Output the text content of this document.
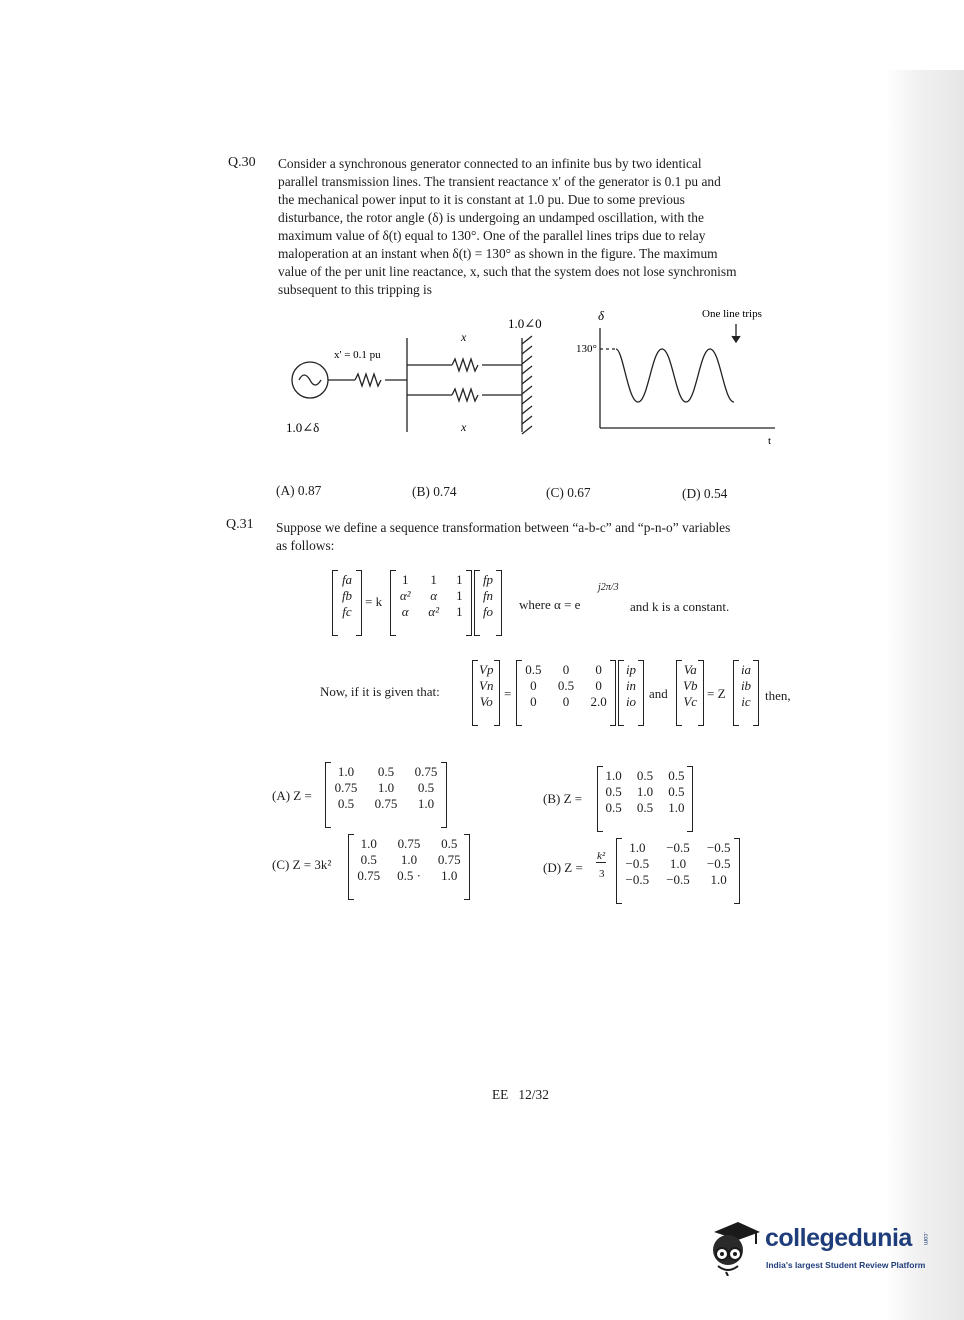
Q.30 Consider a synchronous generator connected to an infinite bus by two identical
parallel transmission lines. The transient reactance x' of the generator is 0.1 pu and
the mechanical power input to it is constant at 1.0 pu. Due to some previous
disturbance, the rotor angle (δ) is undergoing an undamped oscillation, with the
maximum value of δ(t) equal to 130°. One of the parallel lines trips due to relay
maloperation at an instant when δ(t) = 130° as shown in the figure. The maximum
value of the per unit line reactance, x, such that the system does not lose synchronism
subsequent to this tripping is
x' = 0.1 pu
1.0∠δ
x
x
1.0∠0
δ
130°
One line trips
t
(A) 0.87	(B) 0.74	(C) 0.67	(D) 0.54
Q.31 Suppose we define a sequence transformation between “a-b-c” and “p-n-o” variables
as follows:
fa
fb
fc
= k
1	1	1
α²	α	1
α	α²	1
fp
fn
fo where α = e
j2π/3
and k is a constant.
Now, if it is given that:
Vp
Vn
Vo
=
0.5	0	0
0	0.5	0
0	0	2.0
ip
in
io
and
Va
Vb
Vc
= Z
ia
ib
ic then,
(A) Z =
1.0	0.5	0.75
0.75	1.0	0.5
0.5	0.75	1.0	(B) Z =
1.0	0.5	0.5
0.5	1.0	0.5
0.5	0.5	1.0
(C) Z = 3k²
1.0	0.75	0.5
0.5	1.0	0.75
0.75	0.5 ·	1.0
(D) Z =
k²
3
1.0	−0.5	−0.5
−0.5	1.0	−0.5
−0.5	−0.5	1.0
EE   12/32
collegedunia .com
India's largest Student Review Platform
